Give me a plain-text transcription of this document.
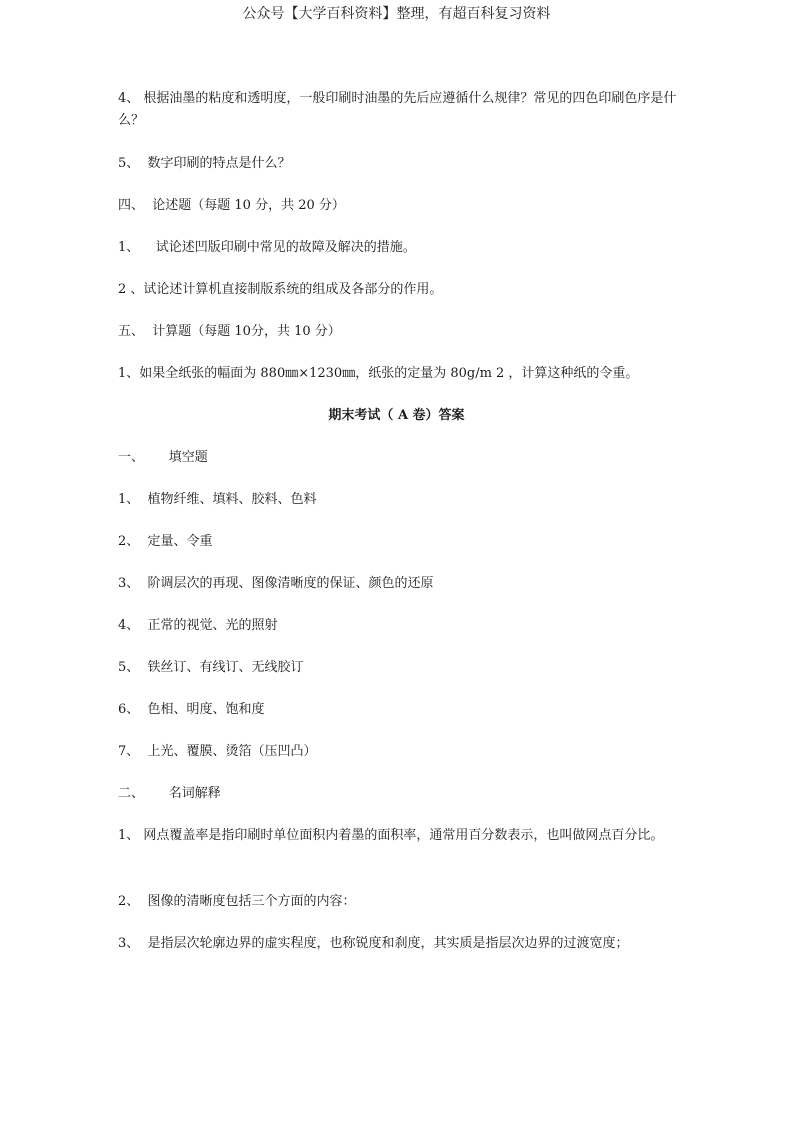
公众号【大学百科资料】整理，有超百科复习资料
4、 根据油墨的粘度和透明度，一般印刷时油墨的先后应遵循什么规律？常见的四色印刷色序是什么？
5、  数字印刷的特点是什么？
四、  论述题（每题 10 分，共 20 分）
1、    试论述凹版印刷中常见的故障及解决的措施。
2 、试论述计算机直接制版系统的组成及各部分的作用。
五、  计算题（每题 10分，共 10 分）
1、如果全纸张的幅面为 880㎜×1230㎜，纸张的定量为 80g/m 2 ，计算这种纸的令重。
期末考试（ A 卷）答案
一、      填空题
1、  植物纤维、填料、胶料、色料
2、  定量、令重
3、  阶调层次的再现、图像清晰度的保证、颜色的还原
4、  正常的视觉、光的照射
5、  铁丝订、有线订、无线胶订
6、  色相、明度、饱和度
7、  上光、覆膜、烫箔（压凹凸）
二、      名词解释
1、 网点覆盖率是指印刷时单位面积内着墨的面积率，通常用百分数表示，也叫做网点百分比。
2、  图像的清晰度包括三个方面的内容：
3、  是指层次轮廓边界的虚实程度，也称锐度和刹度，其实质是指层次边界的过渡宽度；
